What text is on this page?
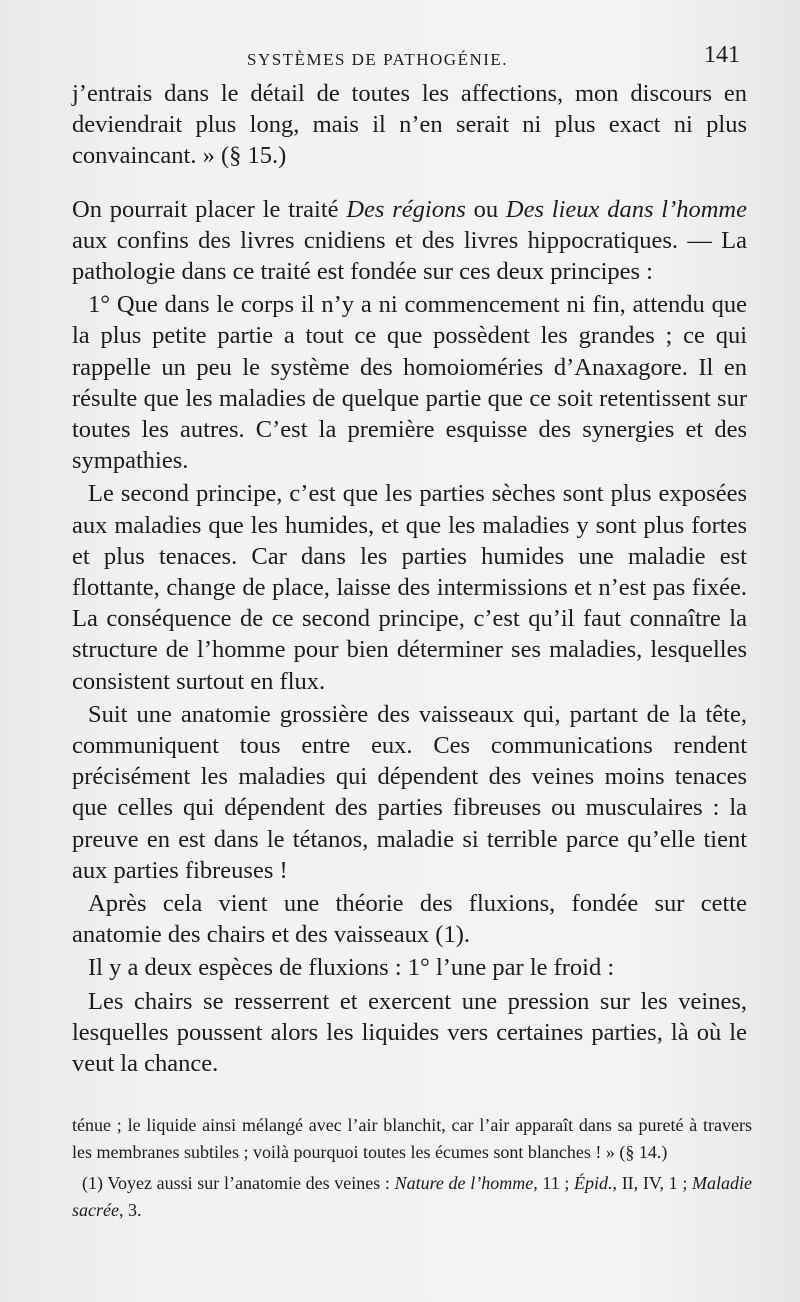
SYSTÈMES DE PATHOGÉNIE.	141

j’entrais dans le détail de toutes les affections, mon discours en deviendrait plus long, mais il n’en serait ni plus exact ni plus convaincant. » (§ 15.)

On pourrait placer le traité Des régions ou Des lieux dans l’homme aux confins des livres cnidiens et des livres hippocratiques. — La pathologie dans ce traité est fondée sur ces deux principes :

1° Que dans le corps il n’y a ni commencement ni fin, attendu que la plus petite partie a tout ce que possèdent les grandes ; ce qui rappelle un peu le système des homoioméries d’Anaxagore. Il en résulte que les maladies de quelque partie que ce soit retentissent sur toutes les autres. C’est la première esquisse des synergies et des sympathies.

Le second principe, c’est que les parties sèches sont plus exposées aux maladies que les humides, et que les maladies y sont plus fortes et plus tenaces. Car dans les parties humides une maladie est flottante, change de place, laisse des intermissions et n’est pas fixée. La conséquence de ce second principe, c’est qu’il faut connaître la structure de l’homme pour bien déterminer ses maladies, lesquelles consistent surtout en flux.

Suit une anatomie grossière des vaisseaux qui, partant de la tête, communiquent tous entre eux. Ces communications rendent précisément les maladies qui dépendent des veines moins tenaces que celles qui dépendent des parties fibreuses ou musculaires : la preuve en est dans le tétanos, maladie si terrible parce qu’elle tient aux parties fibreuses !

Après cela vient une théorie des fluxions, fondée sur cette anatomie des chairs et des vaisseaux (1).

Il y a deux espèces de fluxions : 1° l’une par le froid :

Les chairs se resserrent et exercent une pression sur les veines, lesquelles poussent alors les liquides vers certaines parties, là où le veut la chance.

ténue ; le liquide ainsi mélangé avec l’air blanchit, car l’air apparaît dans sa pureté à travers les membranes subtiles ; voilà pourquoi toutes les écumes sont blanches ! » (§ 14.)

(1) Voyez aussi sur l’anatomie des veines : Nature de l’homme, 11 ; Épid., II, IV, 1 ; Maladie sacrée, 3.
